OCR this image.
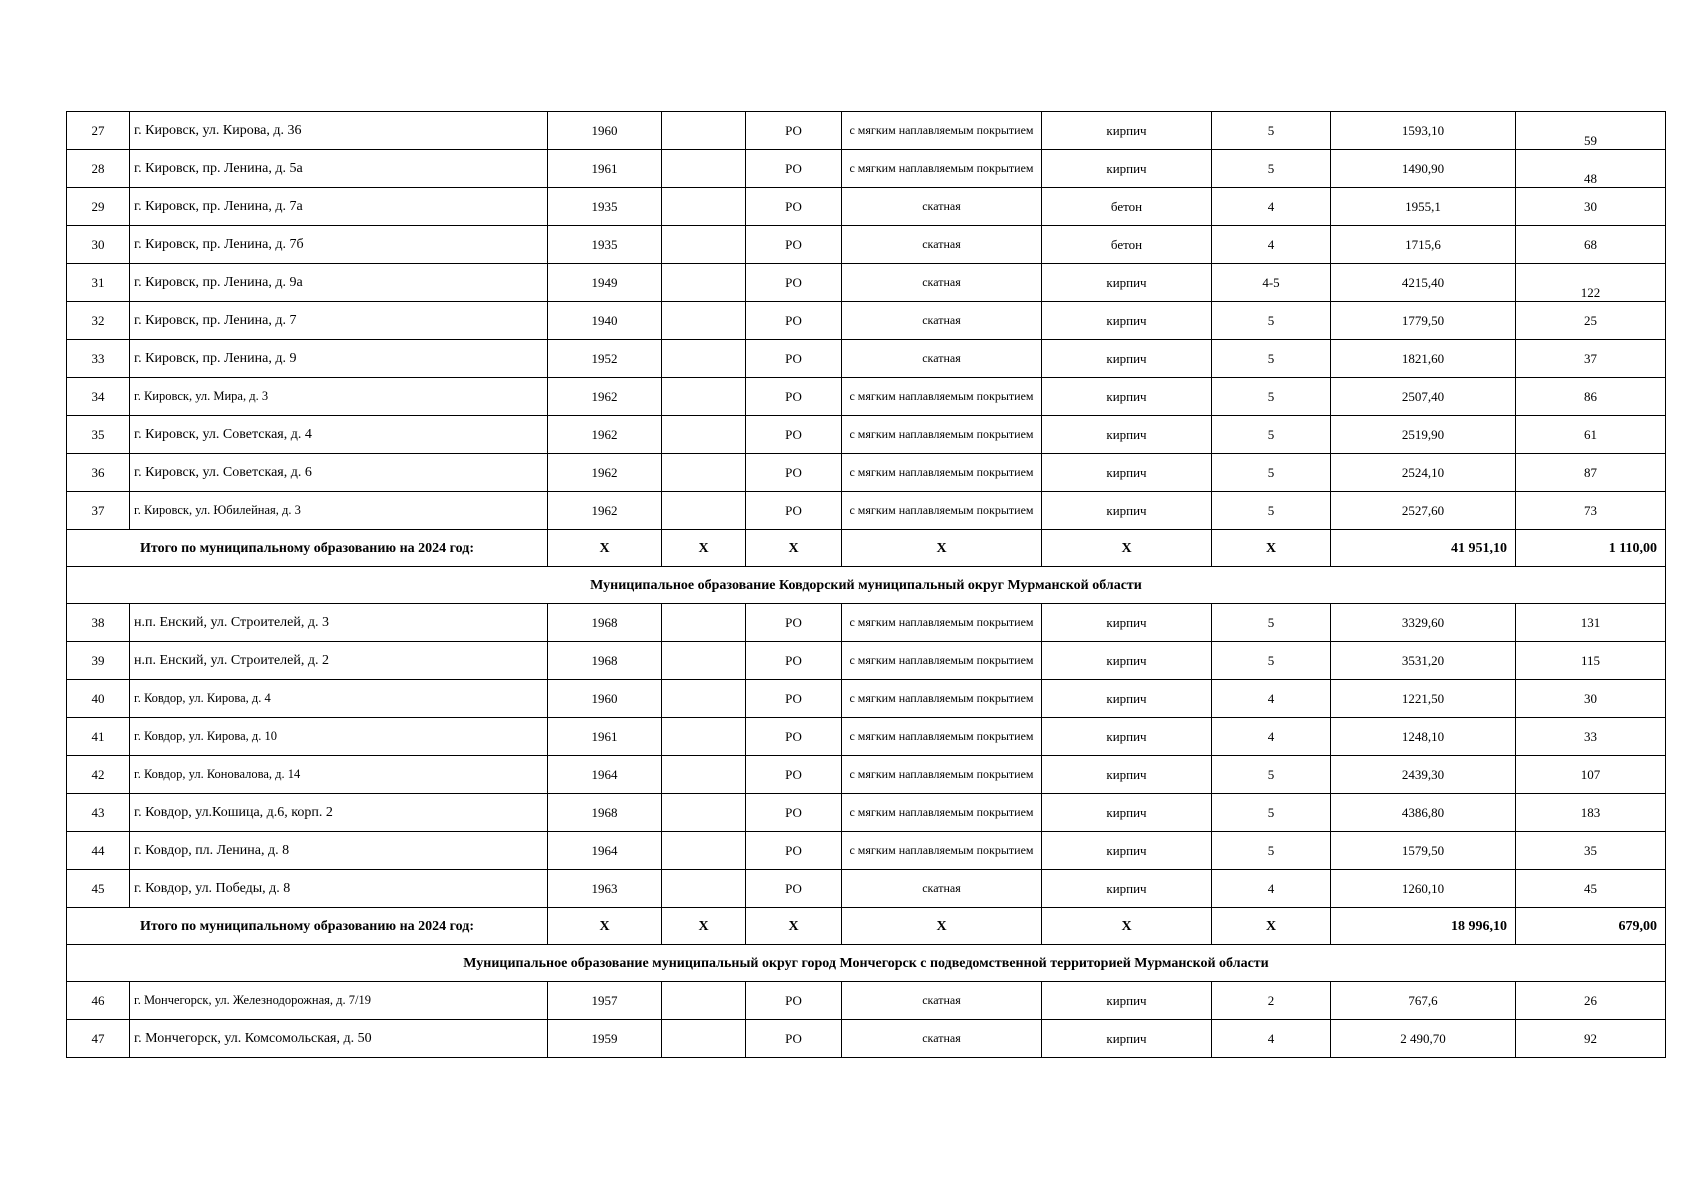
27	г. Кировск, ул. Кирова, д. 36	1960		РО	с мягким наплавляемым покрытием	кирпич	5	1593,10	59
28	г. Кировск, пр. Ленина, д. 5а	1961		РО	с мягким наплавляемым покрытием	кирпич	5	1490,90	48
29	г. Кировск, пр. Ленина, д. 7а	1935		РО	скатная	бетон	4	1955,1	30
30	г. Кировск, пр. Ленина, д. 7б	1935		РО	скатная	бетон	4	1715,6	68
31	г. Кировск, пр. Ленина, д. 9а	1949		РО	скатная	кирпич	4-5	4215,40	122
32	г. Кировск, пр. Ленина, д. 7	1940		РО	скатная	кирпич	5	1779,50	25
33	г. Кировск, пр. Ленина, д. 9	1952		РО	скатная	кирпич	5	1821,60	37
34	г. Кировск, ул. Мира, д. 3	1962		РО	с мягким наплавляемым покрытием	кирпич	5	2507,40	86
35	г. Кировск, ул. Советская, д. 4	1962		РО	с мягким наплавляемым покрытием	кирпич	5	2519,90	61
36	г. Кировск, ул. Советская, д. 6	1962		РО	с мягким наплавляемым покрытием	кирпич	5	2524,10	87
37	г. Кировск, ул. Юбилейная, д. 3	1962		РО	с мягким наплавляемым покрытием	кирпич	5	2527,60	73
Итого по муниципальному образованию на 2024 год:		X	X	X	X	X	X	41 951,10	1 110,00
Муниципальное образование Ковдорский муниципальный округ Мурманской области									
38	н.п. Енский, ул. Строителей, д. 3	1968		РО	с мягким наплавляемым покрытием	кирпич	5	3329,60	131
39	н.п. Енский, ул. Строителей, д. 2	1968		РО	с мягким наплавляемым покрытием	кирпич	5	3531,20	115
40	г. Ковдор, ул. Кирова, д. 4	1960		РО	с мягким наплавляемым покрытием	кирпич	4	1221,50	30
41	г. Ковдор, ул. Кирова, д. 10	1961		РО	с мягким наплавляемым покрытием	кирпич	4	1248,10	33
42	г. Ковдор, ул. Коновалова, д. 14	1964		РО	с мягким наплавляемым покрытием	кирпич	5	2439,30	107
43	г. Ковдор, ул.Кошица, д.6, корп. 2	1968		РО	с мягким наплавляемым покрытием	кирпич	5	4386,80	183
44	г. Ковдор, пл. Ленина, д. 8	1964		РО	с мягким наплавляемым покрытием	кирпич	5	1579,50	35
45	г. Ковдор, ул. Победы, д. 8	1963		РО	скатная	кирпич	4	1260,10	45
Итого по муниципальному образованию на 2024 год:		X	X	X	X	X	X	18 996,10	679,00
Муниципальное образование муниципальный округ город Мончегорск с подведомственной территорией Мурманской области									
46	г. Мончегорск, ул. Железнодорожная, д. 7/19	1957		РО	скатная	кирпич	2	767,6	26
47	г. Мончегорск, ул. Комсомольская, д. 50	1959		РО	скатная	кирпич	4	2 490,70	92
